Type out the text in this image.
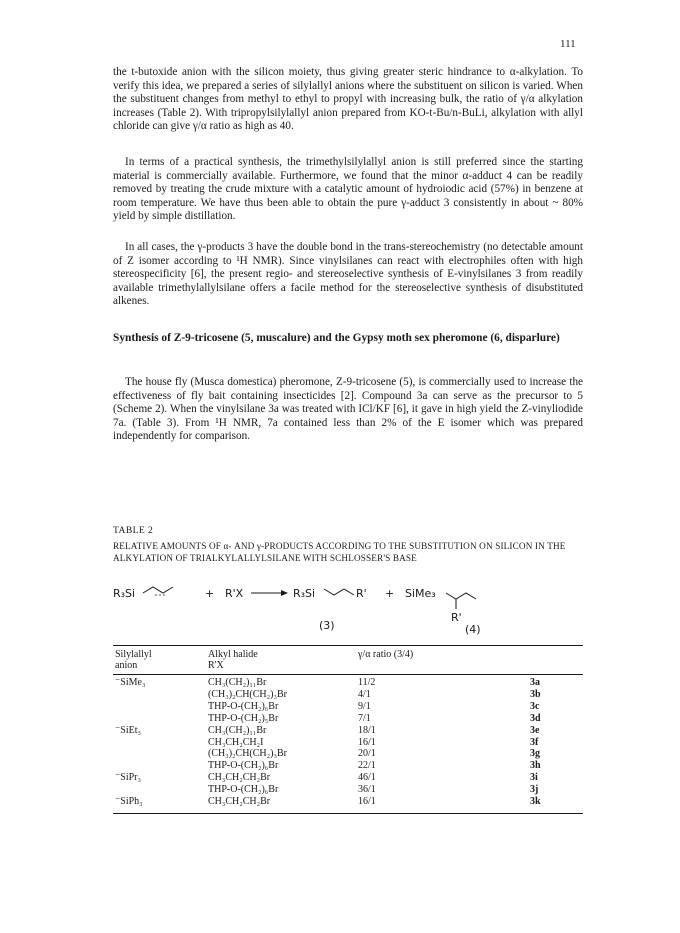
111

the t-butoxide anion with the silicon moiety, thus giving greater steric hindrance to α-alkylation. To verify this idea, we prepared a series of silylallyl anions where the substituent on silicon is varied. When the substituent changes from methyl to ethyl to propyl with increasing bulk, the ratio of γ/α alkylation increases (Table 2). With tripropylsilylallyl anion prepared from KO-t-Bu/n-BuLi, alkylation with allyl chloride can give γ/α ratio as high as 40.

In terms of a practical synthesis, the trimethylsilylallyl anion is still preferred since the starting material is commercially available. Furthermore, we found that the minor α-adduct 4 can be readily removed by treating the crude mixture with a catalytic amount of hydroiodic acid (57%) in benzene at room temperature. We have thus been able to obtain the pure γ-adduct 3 consistently in about ~ 80% yield by simple distillation.

In all cases, the γ-products 3 have the double bond in the trans-stereochemistry (no detectable amount of Z isomer according to ¹H NMR). Since vinylsilanes can react with electrophiles often with high stereospecificity [6], the present regio- and stereoselective synthesis of E-vinylsilanes 3 from readily available trimethylallylsilane offers a facile method for the stereoselective synthesis of disubstituted alkenes.

Synthesis of Z-9-tricosene (5, muscalure) and the Gypsy moth sex pheromone (6, disparlure)

The house fly (Musca domestica) pheromone, Z-9-tricosene (5), is commercially used to increase the effectiveness of fly bait containing insecticides [2]. Compound 3a can serve as the precursor to 5 (Scheme 2). When the vinylsilane 3a was treated with ICl/KF [6], it gave in high yield the Z-vinyliodide 7a. (Table 3). From ¹H NMR, 7a contained less than 2% of the E isomer which was prepared independently for comparison.

TABLE 2
RELATIVE AMOUNTS OF α- AND γ-PRODUCTS ACCORDING TO THE SUBSTITUTION ON SILICON IN THE ALKYLATION OF TRIALKYLALLYLSILANE WITH SCHLOSSER'S BASE
R₃Si	+ R'X	R₃Si	R' + SiMe₃
R'
(3)	(4)
Silylallyl
anion
Alkyl halide
R'X
γ/α ratio (3/4)
⁻SiMe₃	CH₃(CH₂)₁₁Br	11/2	3a
(CH₃)₂CH(CH₂)₃Br	4/1	3b
THP-O-(CH₂)₆Br	9/1	3c
THP-O-(CH₂)₅Br	7/1	3d
⁻SiEt₃	CH₃(CH₂)₁₁Br	18/1	3e
CH₃CH₂CH₂I	16/1	3f
(CH₃)₂CH(CH₂)₃Br	20/1	3g
THP-O-(CH₂)₆Br	22/1	3h
⁻SiPr₃	CH₃CH₂CH₂Br	46/1	3i
THP-O-(CH₂)₆Br	36/1	3j
⁻SiPh₃	CH₃CH₂CH₂Br	16/1	3k
